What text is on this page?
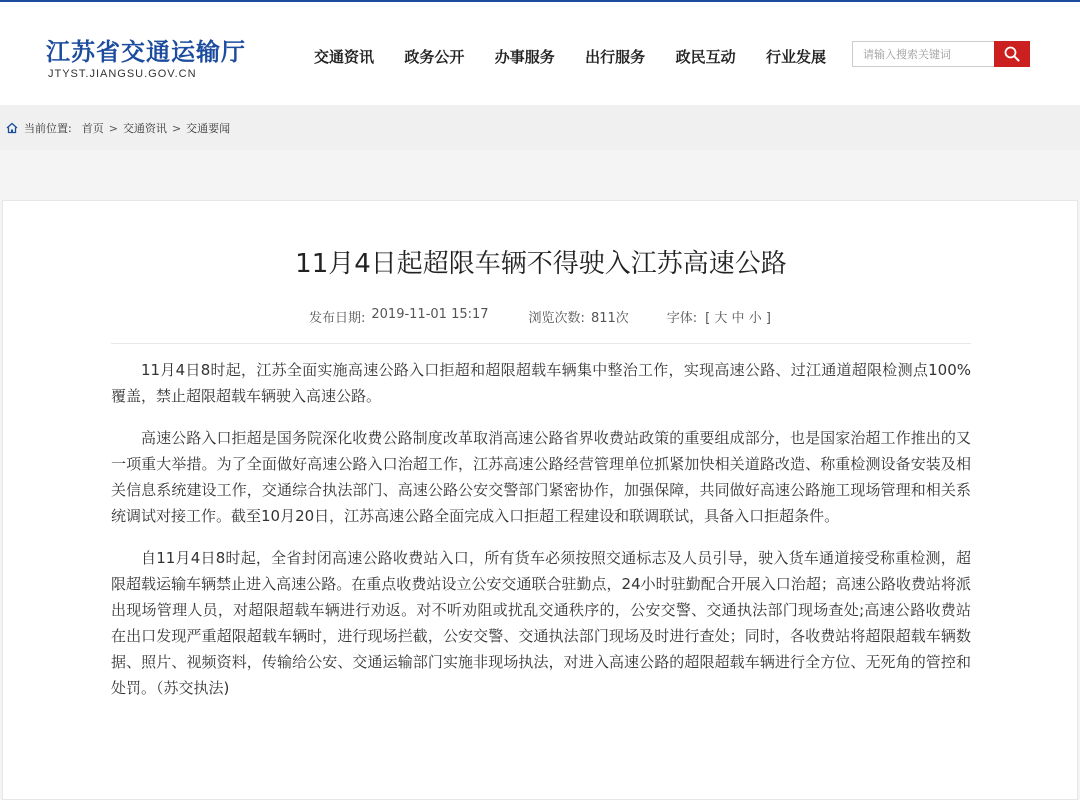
江苏省交通运输厅
JTYST.JIANGSU.GOV.CN
交通资讯	政务公开	办事服务	出行服务	政民互动	行业发展
请输入搜索关键词
当前位置: 首页 > 交通资讯 > 交通要闻
11月4日起超限车辆不得驶入江苏高速公路
发布日期: 2019-11-01 15:17	浏览次数: 811次	字体: [ 大 中 小 ]

11月4日8时起，江苏全面实施高速公路入口拒超和超限超载车辆集中整治工作，实现高速公路、过江通道超限检测点100%覆盖，禁止超限超载车辆驶入高速公路。

高速公路入口拒超是国务院深化收费公路制度改革取消高速公路省界收费站政策的重要组成部分，也是国家治超工作推出的又一项重大举措。为了全面做好高速公路入口治超工作，江苏高速公路经营管理单位抓紧加快相关道路改造、称重检测设备安装及相关信息系统建设工作，交通综合执法部门、高速公路公安交警部门紧密协作，加强保障，共同做好高速公路施工现场管理和相关系统调试对接工作。截至10月20日，江苏高速公路全面完成入口拒超工程建设和联调联试，具备入口拒超条件。

自11月4日8时起，全省封闭高速公路收费站入口，所有货车必须按照交通标志及人员引导，驶入货车通道接受称重检测，超限超载运输车辆禁止进入高速公路。在重点收费站设立公安交通联合驻勤点，24小时驻勤配合开展入口治超；高速公路收费站将派出现场管理人员，对超限超载车辆进行劝返。对不听劝阻或扰乱交通秩序的，公安交警、交通执法部门现场查处;高速公路收费站在出口发现严重超限超载车辆时，进行现场拦截，公安交警、交通执法部门现场及时进行查处；同时，各收费站将超限超载车辆数据、照片、视频资料，传输给公安、交通运输部门实施非现场执法，对进入高速公路的超限超载车辆进行全方位、无死角的管控和处罚。（苏交执法)
